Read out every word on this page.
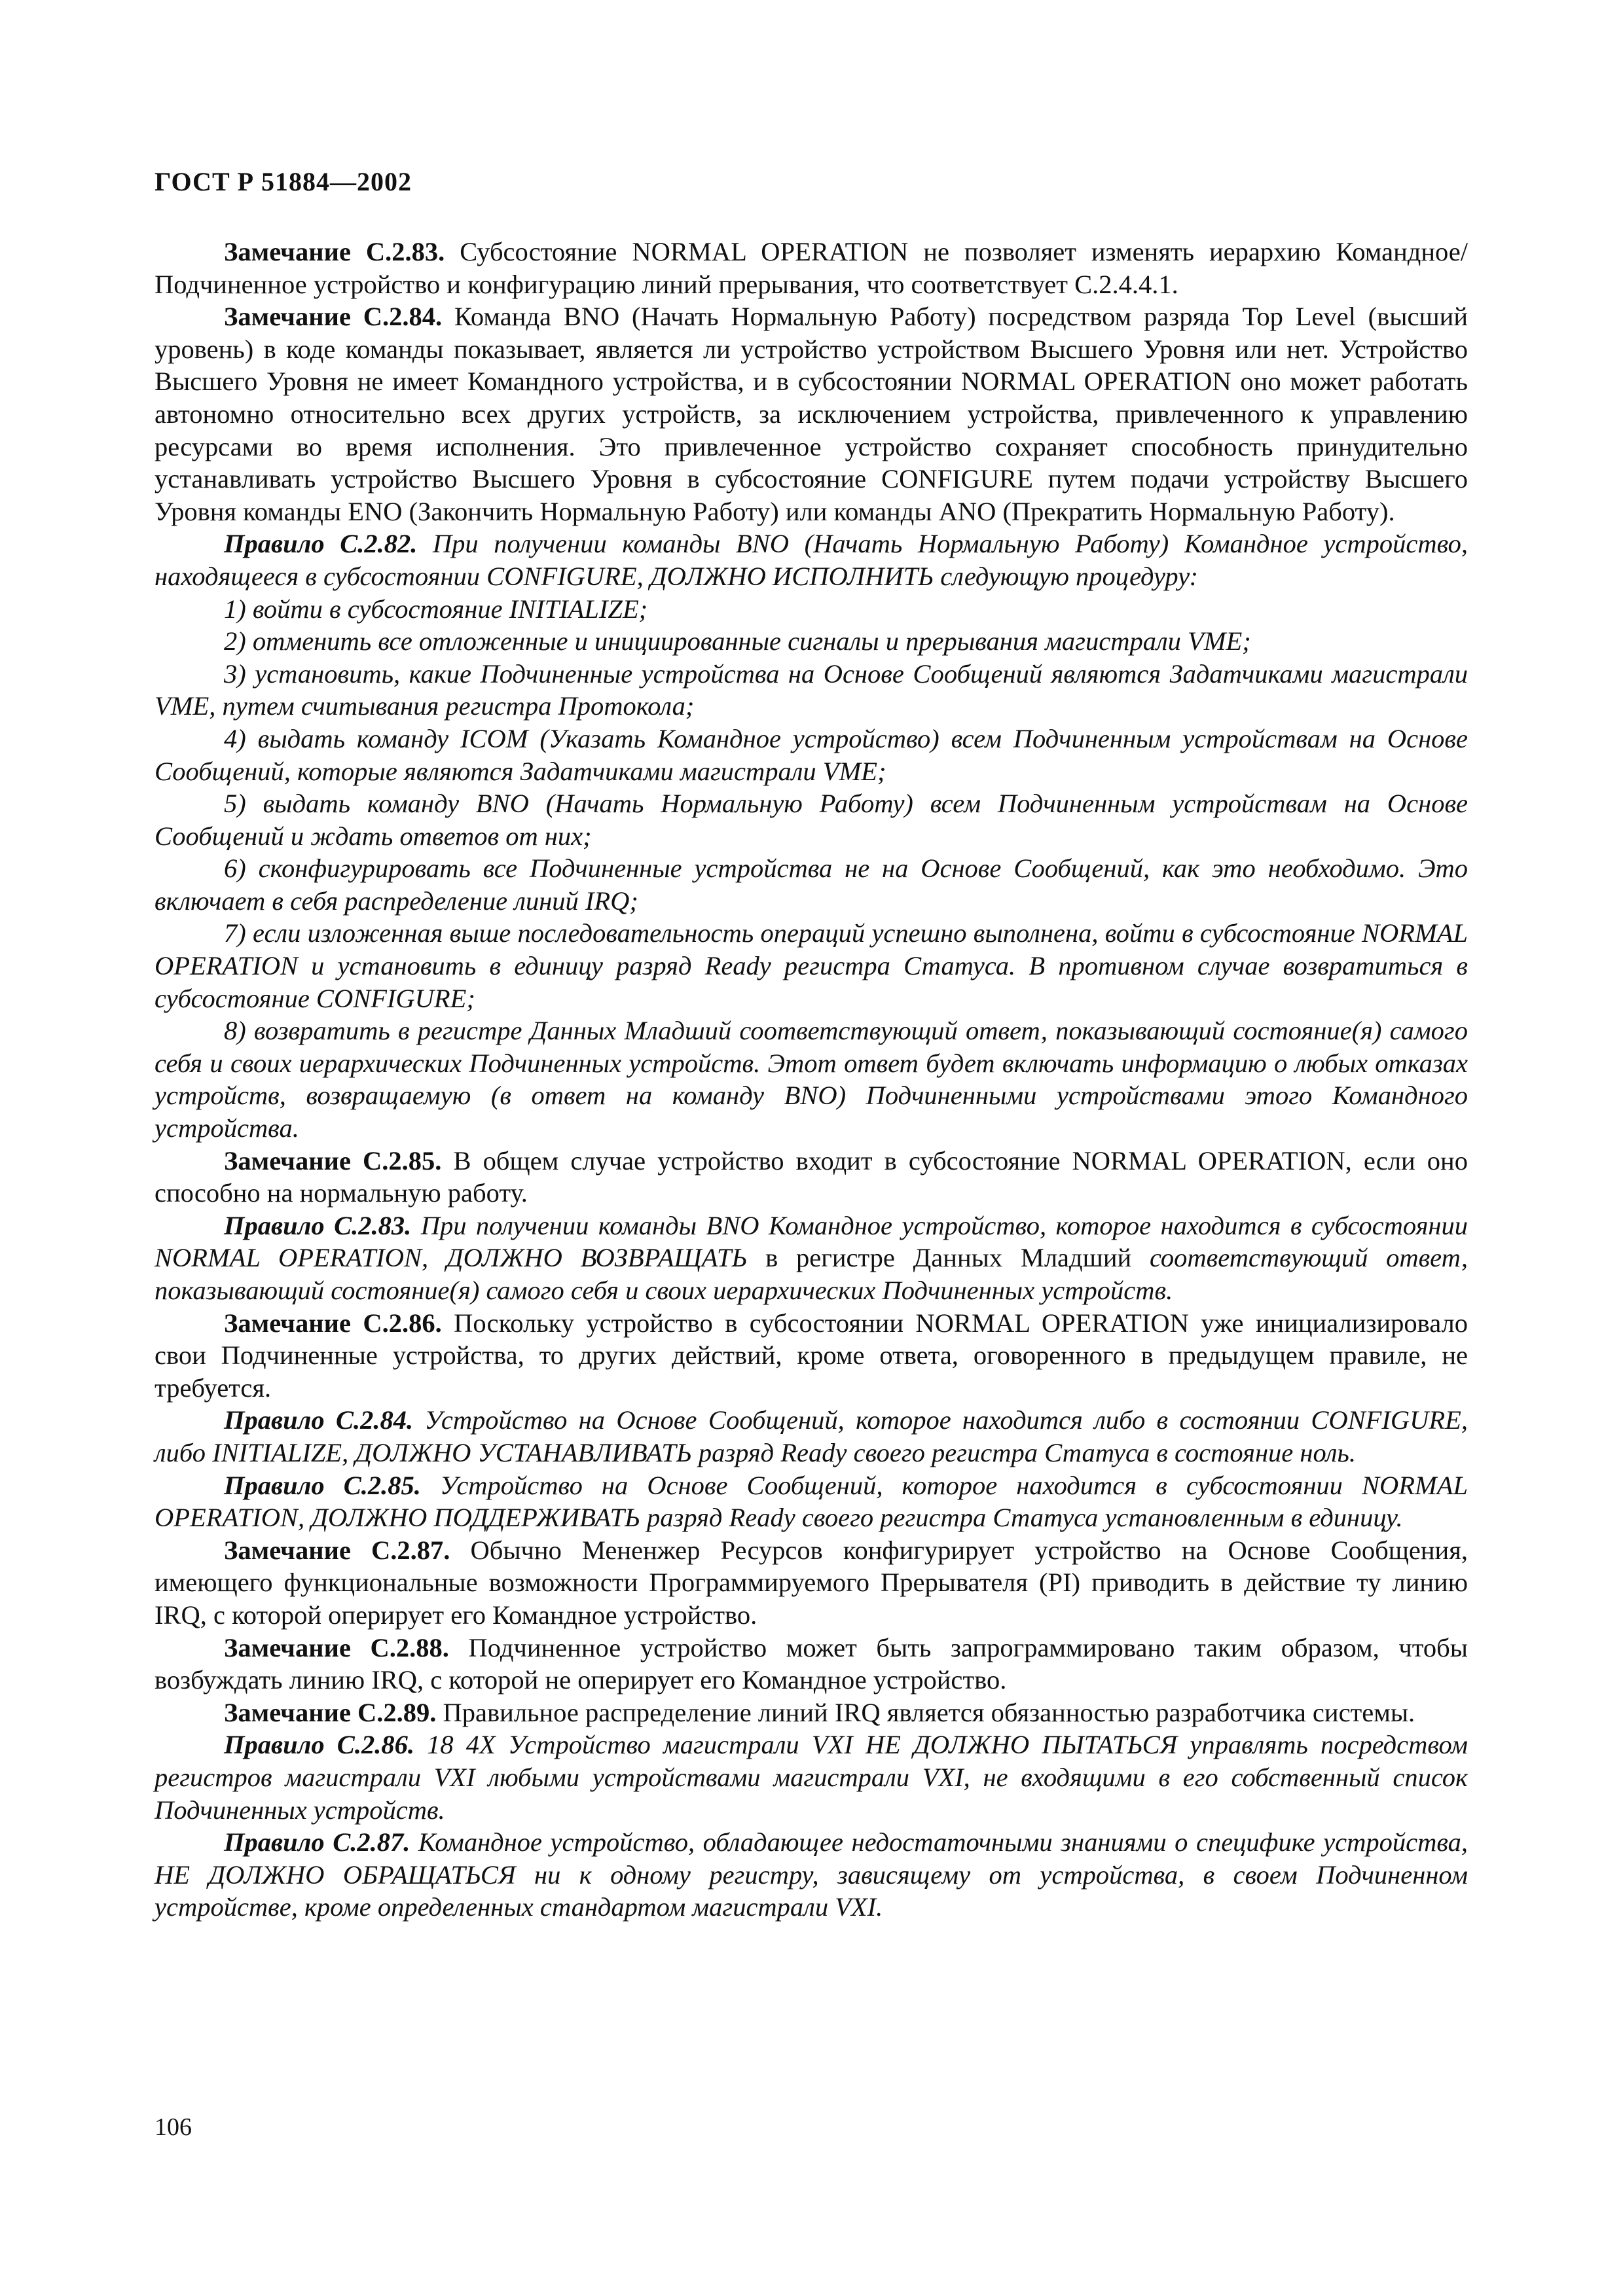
ГОСТ Р 51884—2002

Замечание С.2.83. Субсостояние NORMAL OPERATION не позволяет изменять иерархию Командное/Подчиненное устройство и конфигурацию линий прерывания, что соответствует С.2.4.4.1.

Замечание С.2.84. Команда BNO (Начать Нормальную Работу) посредством разряда Top Level (высший уровень) в коде команды показывает, является ли устройство устройством Высшего Уровня или нет. Устройство Высшего Уровня не имеет Командного устройства, и в субсостоянии NORMAL OPERATION оно может работать автономно относительно всех других устройств, за исключением устройства, привлеченного к управлению ресурсами во время исполнения. Это привлеченное устройство сохраняет способность принудительно устанавливать устройство Высшего Уровня в субсостояние CONFIGURE путем подачи устройству Высшего Уровня команды ENO (Закончить Нормальную Работу) или команды ANO (Прекратить Нормальную Работу).

Правило С.2.82. При получении команды BNO (Начать Нормальную Работу) Командное устройство, находящееся в субсостоянии CONFIGURE, ДОЛЖНО ИСПОЛНИТЬ следующую процедуру:

1) войти в субсостояние INITIALIZE;

2) отменить все отложенные и инициированные сигналы и прерывания магистрали VME;

3) установить, какие Подчиненные устройства на Основе Сообщений являются Задатчиками магистрали VME, путем считывания регистра Протокола;

4) выдать команду ICOM (Указать Командное устройство) всем Подчиненным устройствам на Основе Сообщений, которые являются Задатчиками магистрали VME;

5) выдать команду BNO (Начать Нормальную Работу) всем Подчиненным устройствам на Основе Сообщений и ждать ответов от них;

6) сконфигурировать все Подчиненные устройства не на Основе Сообщений, как это необходимо. Это включает в себя распределение линий IRQ;

7) если изложенная выше последовательность операций успешно выполнена, войти в субсостояние NORMAL OPERATION и установить в единицу разряд Ready регистра Статуса. В противном случае возвратиться в субсостояние CONFIGURE;

8) возвратить в регистре Данных Младший соответствующий ответ, показывающий состояние(я) самого себя и своих иерархических Подчиненных устройств. Этот ответ будет включать информацию о любых отказах устройств, возвращаемую (в ответ на команду BNO) Подчиненными устройствами этого Командного устройства.

Замечание С.2.85. В общем случае устройство входит в субсостояние NORMAL OPERATION, если оно способно на нормальную работу.

Правило С.2.83. При получении команды BNO Командное устройство, которое находится в субсостоянии NORMAL OPERATION, ДОЛЖНО ВОЗВРАЩАТЬ в регистре Данных Младший соответствующий ответ, показывающий состояние(я) самого себя и своих иерархических Подчиненных устройств.

Замечание С.2.86. Поскольку устройство в субсостоянии NORMAL OPERATION уже инициализировало свои Подчиненные устройства, то других действий, кроме ответа, оговоренного в предыдущем правиле, не требуется.

Правило С.2.84. Устройство на Основе Сообщений, которое находится либо в состоянии CONFIGURE, либо INITIALIZE, ДОЛЖНО УСТАНАВЛИВАТЬ разряд Ready своего регистра Статуса в состояние ноль.

Правило С.2.85. Устройство на Основе Сообщений, которое находится в субсостоянии NORMAL OPERATION, ДОЛЖНО ПОДДЕРЖИВАТЬ разряд Ready своего регистра Статуса установленным в единицу.

Замечание С.2.87. Обычно Мененжер Ресурсов конфигурирует устройство на Основе Сообщения, имеющего функциональные возможности Программируемого Прерывателя (PI) приводить в действие ту линию IRQ, с которой оперирует его Командное устройство.

Замечание С.2.88. Подчиненное устройство может быть запрограммировано таким образом, чтобы возбуждать линию IRQ, с которой не оперирует его Командное устройство.

Замечание С.2.89. Правильное распределение линий IRQ является обязанностью разработчика системы.

Правило С.2.86. 18 4X Устройство магистрали VXI НЕ ДОЛЖНО ПЫТАТЬСЯ управлять посредством регистров магистрали VXI любыми устройствами магистрали VXI, не входящими в его собственный список Подчиненных устройств.

Правило С.2.87. Командное устройство, обладающее недостаточными знаниями о специфике устройства, НЕ ДОЛЖНО ОБРАЩАТЬСЯ ни к одному регистру, зависящему от устройства, в своем Подчиненном устройстве, кроме определенных стандартом магистрали VXI.

106
